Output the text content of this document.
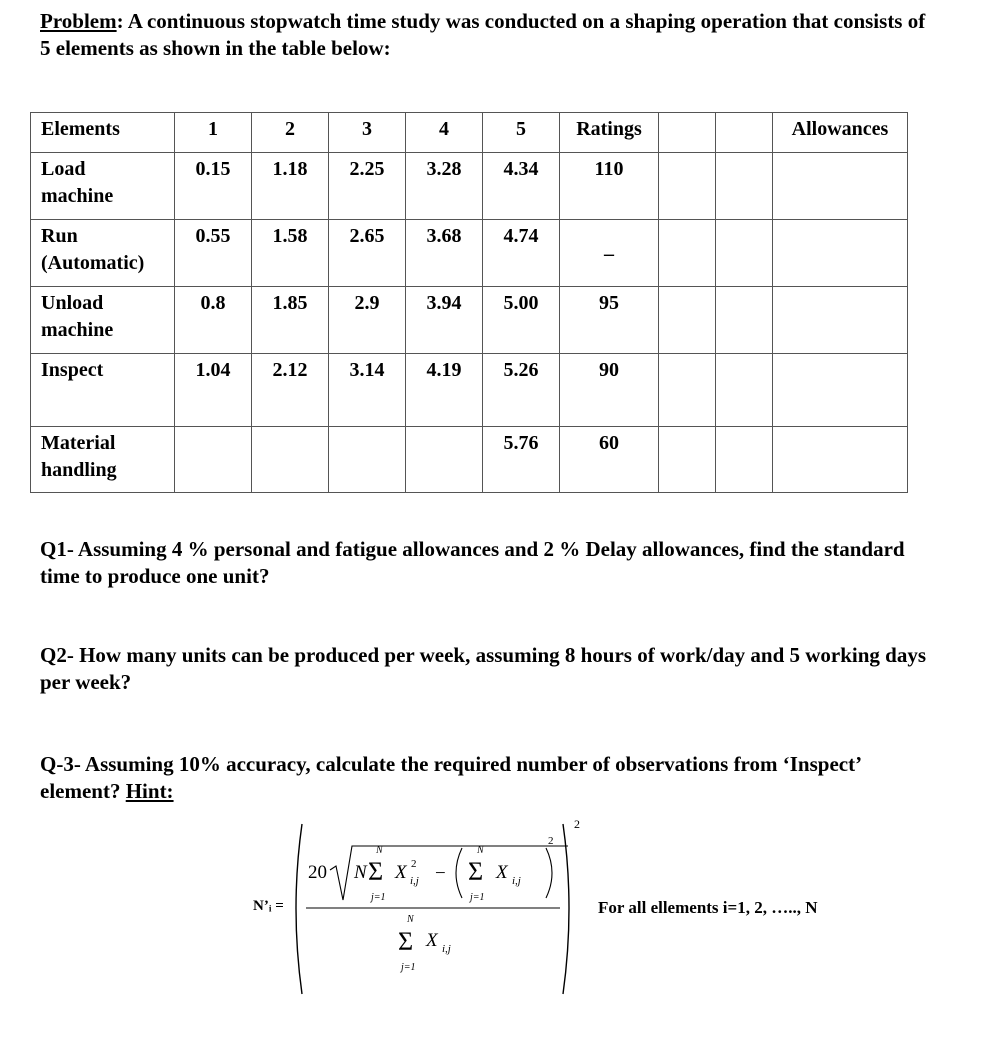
Problem: A continuous stopwatch time study was conducted on a shaping operation that consists of 5 elements as shown in the table below:
Elements	1	2	3	4	5	Ratings			Allowances
Load
machine	0.15	1.18	2.25	3.28	4.34	110			
Run
(Automatic)	0.55	1.58	2.65	3.68	4.74	–			
Unload
machine	0.8	1.85	2.9	3.94	5.00	95			
Inspect	1.04	2.12	3.14	4.19	5.26	90			
Material
handling					5.76	60			
Q1- Assuming 4 % personal and fatigue allowances and 2 % Delay allowances, find the standard time to produce one unit?
Q2- How many units can be produced per week, assuming 8 hours of work/day and 5 working days per week?
Q-3- Assuming 10% accuracy, calculate the required number of observations from ‘Inspect’ element? Hint:
N’ᵢ =
2
20 N
N
Σ
j=1
X 2
i,j −
N
Σ
j=1
X i,j
2
N
Σ
j=1
X i,j
For all ellements i=1, 2, ….., N
